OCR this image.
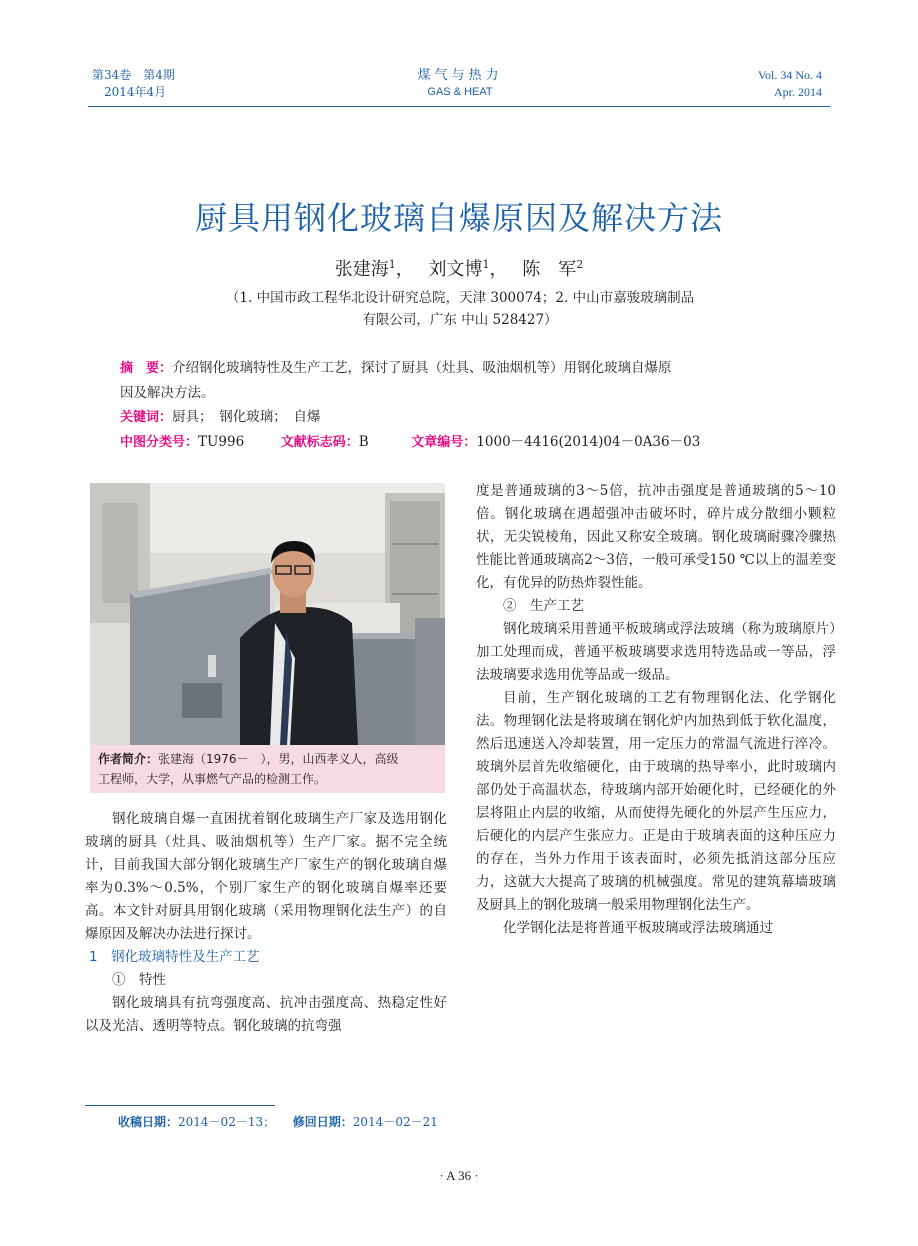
第34卷　第4期
2014年4月
煤气与热力
GAS & HEAT
Vol. 34 No. 4
Apr. 2014
厨具用钢化玻璃自爆原因及解决方法
张建海$^1$，　 刘文博$^1$，　 陈　军$^2$
（1. 中国市政工程华北设计研究总院，天津 300074；2. 中山市嘉骏玻璃制品
有限公司，广东 中山 528427）
摘　要：介绍钢化玻璃特性及生产工艺，探讨了厨具（灶具、吸油烟机等）用钢化玻璃自爆原
因及解决方法。
关键词：厨具；　钢化玻璃；　自爆
中图分类号：TU996	文献标志码：B	文章编号：1000－4416(2014)04－0A36－03
作者简介：张建海（1976－　），男，山西孝义人，高级
工程师，大学，从事燃气产品的检测工作。

钢化玻璃自爆一直困扰着钢化玻璃生产厂家及选用钢化玻璃的厨具（灶具、吸油烟机等）生产厂家。据不完全统计，目前我国大部分钢化玻璃生产厂家生产的钢化玻璃自爆率为0.3%～0.5%，个别厂家生产的钢化玻璃自爆率还要高。本文针对厨具用钢化玻璃（采用物理钢化法生产）的自爆原因及解决办法进行探讨。

1　钢化玻璃特性及生产工艺

①　特性

钢化玻璃具有抗弯强度高、抗冲击强度高、热稳定性好以及光洁、透明等特点。钢化玻璃的抗弯强

度是普通玻璃的3～5倍，抗冲击强度是普通玻璃的5～10倍。钢化玻璃在遇超强冲击破坏时，碎片成分散细小颗粒状，无尖锐棱角，因此又称安全玻璃。钢化玻璃耐骤冷骤热性能比普通玻璃高2～3倍，一般可承受150 ℃以上的温差变化，有优异的防热炸裂性能。

②　生产工艺

钢化玻璃采用普通平板玻璃或浮法玻璃（称为玻璃原片）加工处理而成，普通平板玻璃要求选用特选品或一等品，浮法玻璃要求选用优等品或一级品。

目前，生产钢化玻璃的工艺有物理钢化法、化学钢化法。物理钢化法是将玻璃在钢化炉内加热到低于软化温度，然后迅速送入冷却装置，用一定压力的常温气流进行淬冷。玻璃外层首先收缩硬化，由于玻璃的热导率小，此时玻璃内部仍处于高温状态，待玻璃内部开始硬化时，已经硬化的外层将阻止内层的收缩，从而使得先硬化的外层产生压应力，后硬化的内层产生张应力。正是由于玻璃表面的这种压应力的存在，当外力作用于该表面时，必须先抵消这部分压应力，这就大大提高了玻璃的机械强度。常见的建筑幕墙玻璃及厨具上的钢化玻璃一般采用物理钢化法生产。

化学钢化法是将普通平板玻璃或浮法玻璃通过

收稿日期：2014－02－13； 修回日期：2014－02－21
· A 36 ·
